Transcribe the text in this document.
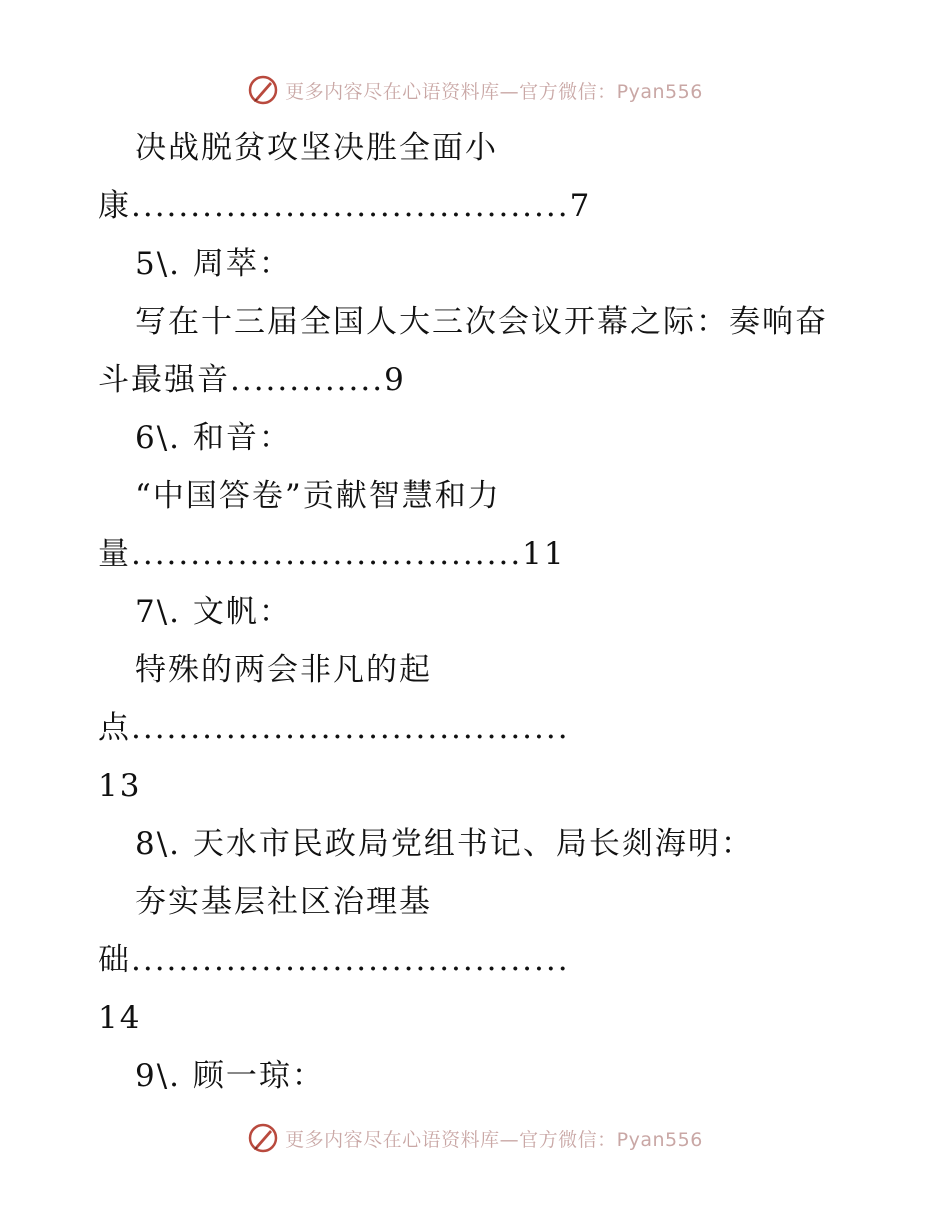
更多内容尽在心语资料库—官方微信：Pyan556
决战脱贫攻坚决胜全面小
康.....................................7
5\. 周萃：
写在十三届全国人大三次会议开幕之际：奏响奋
斗最强音.............9
6\. 和音：
“中国答卷”贡献智慧和力
量.................................11
7\. 文帆：
特殊的两会非凡的起
点.....................................
13
8\. 天水市民政局党组书记、局长剡海明：
夯实基层社区治理基
础.....................................
14
9\. 顾一琼：
更多内容尽在心语资料库—官方微信：Pyan556
